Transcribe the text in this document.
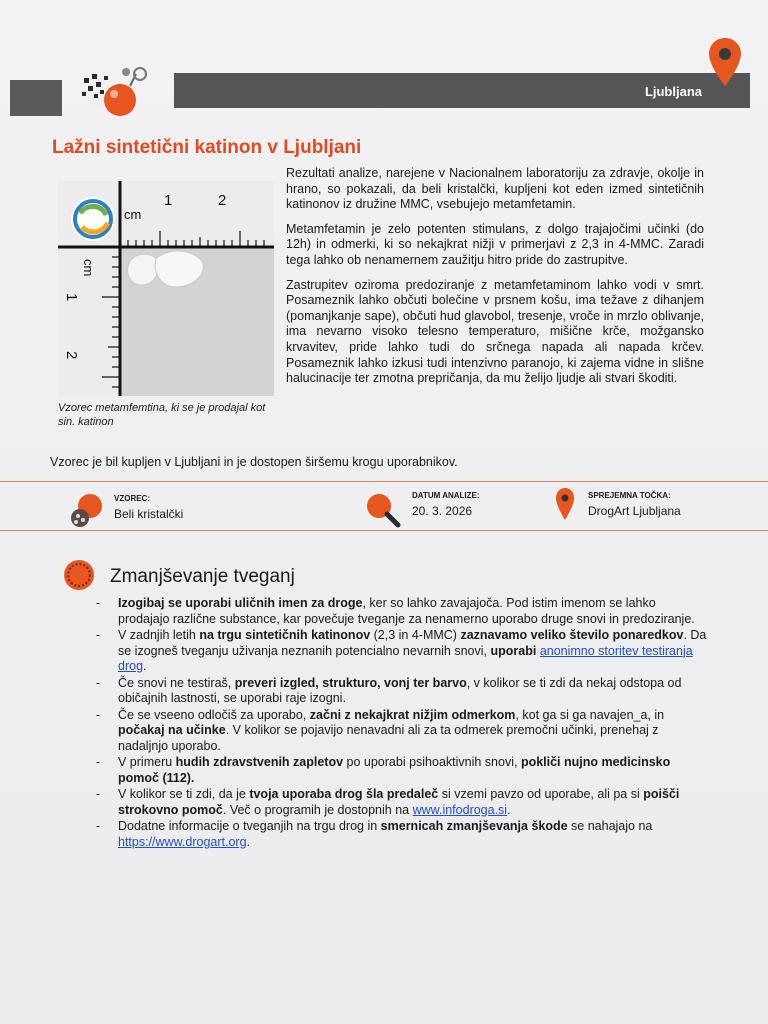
Ljubljana
Lažni sintetični katinon v Ljubljani
cm
1	2
cm
1
2
Vzorec metamfemtina, ki se je prodajal kot sin. katinon

Rezultati analize, narejene v Nacionalnem laboratoriju za zdravje, okolje in hrano, so pokazali, da beli kristalčki, kupljeni kot eden izmed sintetičnih katinonov iz družine MMC, vsebujejo metamfetamin.

Metamfetamin je zelo potenten stimulans, z dolgo trajajočimi učinki (do 12h) in odmerki, ki so nekajkrat nižji v primerjavi z 2,3 in 4-MMC. Zaradi tega lahko ob nenamernem zaužitju hitro pride do zastrupitve.

Zastrupitev oziroma predoziranje z metamfetaminom lahko vodi v smrt. Posameznik lahko občuti bolečine v prsnem košu, ima težave z dihanjem (pomanjkanje sape), občuti hud glavobol, tresenje, vroče in mrzlo oblivanje, ima nevarno visoko telesno temperaturo, mišične krče, možgansko krvavitev, pride lahko tudi do srčnega napada ali napada krčev. Posameznik lahko izkusi tudi intenzivno paranojo, ki zajema vidne in slišne halucinacije ter zmotna prepričanja, da mu želijo ljudje ali stvari škoditi.

Vzorec je bil kupljen v Ljubljani in je dostopen širšemu krogu uporabnikov.
VZOREC:
Beli kristalčki
DATUM ANALIZE:
20. 3. 2026
SPREJEMNA TOČKA:
DrogArt Ljubljana
Zmanjševanje tveganj
- Izogibaj se uporabi uličnih imen za droge, ker so lahko zavajajoča. Pod istim imenom se lahko prodajajo različne substance, kar povečuje tveganje za nenamerno uporabo druge snovi in predoziranje.
- V zadnjih letih na trgu sintetičnih katinonov (2,3 in 4-MMC) zaznavamo veliko število ponaredkov. Da se izogneš tveganju uživanja neznanih potencialno nevarnih snovi, uporabi anonimno storitev testiranja drog.
- Če snovi ne testiraš, preveri izgled, strukturo, vonj ter barvo, v kolikor se ti zdi da nekaj odstopa od običajnih lastnosti, se uporabi raje izogni.
- Če se vseeno odločiš za uporabo, začni z nekajkrat nižjim odmerkom, kot ga si ga navajen_a, in počakaj na učinke. V kolikor se pojavijo nenavadni ali za ta odmerek premočni učinki, prenehaj z nadaljnjo uporabo.
- V primeru hudih zdravstvenih zapletov po uporabi psihoaktivnih snovi, pokliči nujno medicinsko pomoč (112).
- V kolikor se ti zdi, da je tvoja uporaba drog šla predaleč si vzemi pavzo od uporabe, ali pa si poišči strokovno pomoč. Več o programih je dostopnih na www.infodroga.si.
- Dodatne informacije o tveganjih na trgu drog in smernicah zmanjševanja škode se nahajajo na https://www.drogart.org.
